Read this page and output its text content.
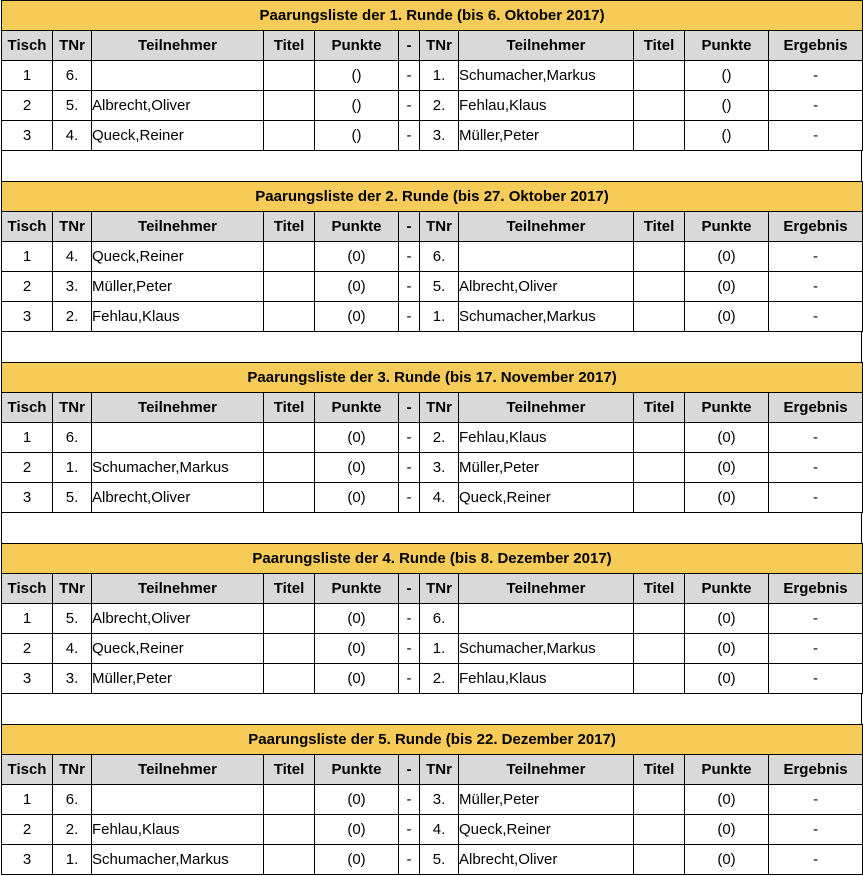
Paarungsliste der 1. Runde (bis 6. Oktober 2017)										
Tisch	TNr	Teilnehmer	Titel	Punkte	-	TNr	Teilnehmer	Titel	Punkte	Ergebnis
1	6.			()	-	1.	Schumacher,Markus		()	-
2	5.	Albrecht,Oliver		()	-	2.	Fehlau,Klaus		()	-
3	4.	Queck,Reiner		()	-	3.	Müller,Peter		()	-
Paarungsliste der 2. Runde (bis 27. Oktober 2017)										
Tisch	TNr	Teilnehmer	Titel	Punkte	-	TNr	Teilnehmer	Titel	Punkte	Ergebnis
1	4.	Queck,Reiner		(0)	-	6.			(0)	-
2	3.	Müller,Peter		(0)	-	5.	Albrecht,Oliver		(0)	-
3	2.	Fehlau,Klaus		(0)	-	1.	Schumacher,Markus		(0)	-
Paarungsliste der 3. Runde (bis 17. November 2017)										
Tisch	TNr	Teilnehmer	Titel	Punkte	-	TNr	Teilnehmer	Titel	Punkte	Ergebnis
1	6.			(0)	-	2.	Fehlau,Klaus		(0)	-
2	1.	Schumacher,Markus		(0)	-	3.	Müller,Peter		(0)	-
3	5.	Albrecht,Oliver		(0)	-	4.	Queck,Reiner		(0)	-
Paarungsliste der 4. Runde (bis 8. Dezember 2017)										
Tisch	TNr	Teilnehmer	Titel	Punkte	-	TNr	Teilnehmer	Titel	Punkte	Ergebnis
1	5.	Albrecht,Oliver		(0)	-	6.			(0)	-
2	4.	Queck,Reiner		(0)	-	1.	Schumacher,Markus		(0)	-
3	3.	Müller,Peter		(0)	-	2.	Fehlau,Klaus		(0)	-
Paarungsliste der 5. Runde (bis 22. Dezember 2017)										
Tisch	TNr	Teilnehmer	Titel	Punkte	-	TNr	Teilnehmer	Titel	Punkte	Ergebnis
1	6.			(0)	-	3.	Müller,Peter		(0)	-
2	2.	Fehlau,Klaus		(0)	-	4.	Queck,Reiner		(0)	-
3	1.	Schumacher,Markus		(0)	-	5.	Albrecht,Oliver		(0)	-
